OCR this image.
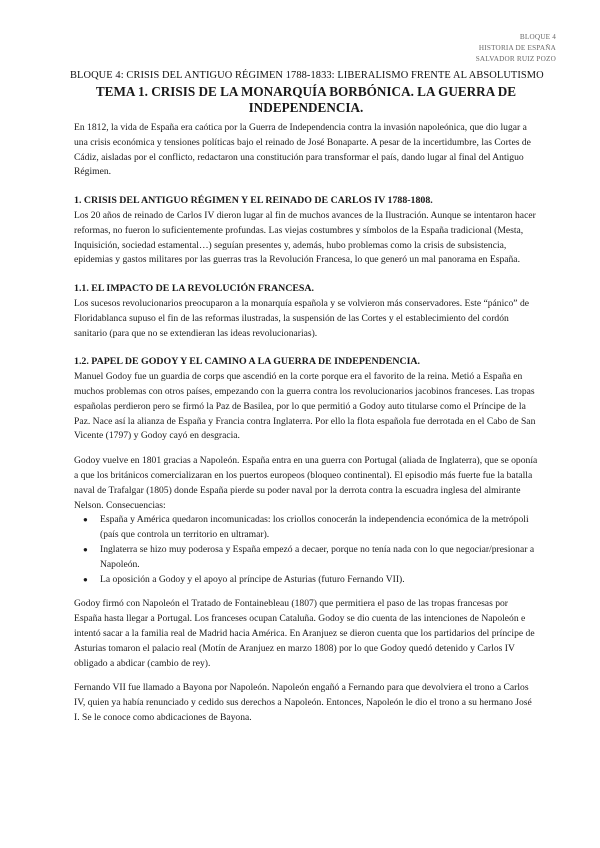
BLOQUE 4
HISTORIA DE ESPAÑA
SALVADOR RUIZ POZO
BLOQUE 4: CRISIS DEL ANTIGUO RÉGIMEN 1788-1833: LIBERALISMO FRENTE AL ABSOLUTISMO
TEMA 1. CRISIS DE LA MONARQUÍA BORBÓNICA. LA GUERRA DE INDEPENDENCIA.

En 1812, la vida de España era caótica por la Guerra de Independencia contra la invasión napoleónica, que dio lugar a una crisis económica y tensiones políticas bajo el reinado de José Bonaparte. A pesar de la incertidumbre, las Cortes de Cádiz, aisladas por el conflicto, redactaron una constitución para transformar el país, dando lugar al final del Antiguo Régimen.

1. CRISIS DEL ANTIGUO RÉGIMEN Y EL REINADO DE CARLOS IV 1788-1808.

Los 20 años de reinado de Carlos IV dieron lugar al fin de muchos avances de la Ilustración. Aunque se intentaron hacer reformas, no fueron lo suficientemente profundas. Las viejas costumbres y símbolos de la España tradicional (Mesta, Inquisición, sociedad estamental…) seguían presentes y, además, hubo problemas como la crisis de subsistencia, epidemias y gastos militares por las guerras tras la Revolución Francesa, lo que generó un mal panorama en España.

1.1. EL IMPACTO DE LA REVOLUCIÓN FRANCESA.

Los sucesos revolucionarios preocuparon a la monarquía española y se volvieron más conservadores. Este “pánico” de Floridablanca supuso el fin de las reformas ilustradas, la suspensión de las Cortes y el establecimiento del cordón sanitario (para que no se extendieran las ideas revolucionarias).

1.2. PAPEL DE GODOY Y EL CAMINO A LA GUERRA DE INDEPENDENCIA.

Manuel Godoy fue un guardia de corps que ascendió en la corte porque era el favorito de la reina. Metió a España en muchos problemas con otros países, empezando con la guerra contra los revolucionarios jacobinos franceses. Las tropas españolas perdieron pero se firmó la Paz de Basilea, por lo que permitió a Godoy auto titularse como el Príncipe de la Paz. Nace así la alianza de España y Francia contra Inglaterra. Por ello la flota española fue derrotada en el Cabo de San Vicente (1797) y Godoy cayó en desgracia.

Godoy vuelve en 1801 gracias a Napoleón. España entra en una guerra con Portugal (aliada de Inglaterra), que se oponía a que los británicos comercializaran en los puertos europeos (bloqueo continental). El episodio más fuerte fue la batalla naval de Trafalgar (1805) donde España pierde su poder naval por la derrota contra la escuadra inglesa del almirante Nelson. Consecuencias:

● España y América quedaron incomunicadas: los criollos conocerán la independencia económica de la metrópoli (país que controla un territorio en ultramar).
● Inglaterra se hizo muy poderosa y España empezó a decaer, porque no tenía nada con lo que negociar/presionar a Napoleón.
● La oposición a Godoy y el apoyo al príncipe de Asturias (futuro Fernando VII).

Godoy firmó con Napoleón el Tratado de Fontainebleau (1807) que permitiera el paso de las tropas francesas por España hasta llegar a Portugal. Los franceses ocupan Cataluña. Godoy se dio cuenta de las intenciones de Napoleón e intentó sacar a la familia real de Madrid hacia América. En Aranjuez se dieron cuenta que los partidarios del príncipe de Asturias tomaron el palacio real (Motín de Aranjuez en marzo 1808) por lo que Godoy quedó detenido y Carlos IV obligado a abdicar (cambio de rey).

Fernando VII fue llamado a Bayona por Napoleón. Napoleón engañó a Fernando para que devolviera el trono a Carlos IV, quien ya había renunciado y cedido sus derechos a Napoleón. Entonces, Napoleón le dio el trono a su hermano José I. Se le conoce como abdicaciones de Bayona.
